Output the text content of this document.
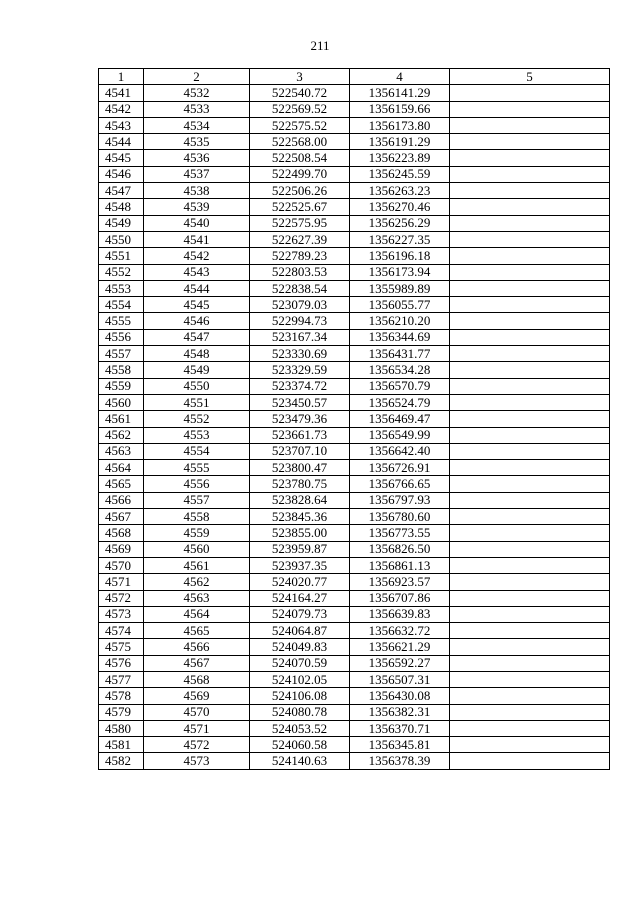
211
1	2	3	4	5
4541	4532	522540.72	1356141.29	
4542	4533	522569.52	1356159.66	
4543	4534	522575.52	1356173.80	
4544	4535	522568.00	1356191.29	
4545	4536	522508.54	1356223.89	
4546	4537	522499.70	1356245.59	
4547	4538	522506.26	1356263.23	
4548	4539	522525.67	1356270.46	
4549	4540	522575.95	1356256.29	
4550	4541	522627.39	1356227.35	
4551	4542	522789.23	1356196.18	
4552	4543	522803.53	1356173.94	
4553	4544	522838.54	1355989.89	
4554	4545	523079.03	1356055.77	
4555	4546	522994.73	1356210.20	
4556	4547	523167.34	1356344.69	
4557	4548	523330.69	1356431.77	
4558	4549	523329.59	1356534.28	
4559	4550	523374.72	1356570.79	
4560	4551	523450.57	1356524.79	
4561	4552	523479.36	1356469.47	
4562	4553	523661.73	1356549.99	
4563	4554	523707.10	1356642.40	
4564	4555	523800.47	1356726.91	
4565	4556	523780.75	1356766.65	
4566	4557	523828.64	1356797.93	
4567	4558	523845.36	1356780.60	
4568	4559	523855.00	1356773.55	
4569	4560	523959.87	1356826.50	
4570	4561	523937.35	1356861.13	
4571	4562	524020.77	1356923.57	
4572	4563	524164.27	1356707.86	
4573	4564	524079.73	1356639.83	
4574	4565	524064.87	1356632.72	
4575	4566	524049.83	1356621.29	
4576	4567	524070.59	1356592.27	
4577	4568	524102.05	1356507.31	
4578	4569	524106.08	1356430.08	
4579	4570	524080.78	1356382.31	
4580	4571	524053.52	1356370.71	
4581	4572	524060.58	1356345.81	
4582	4573	524140.63	1356378.39	
